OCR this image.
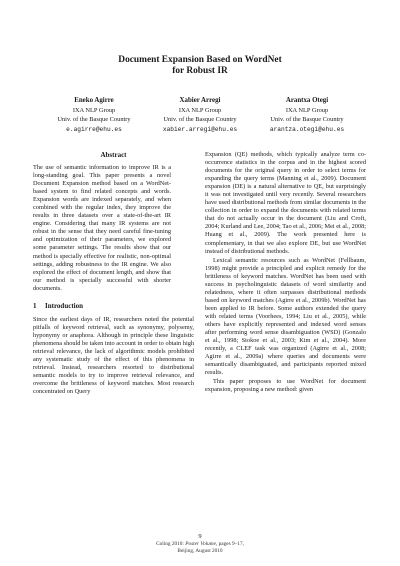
Document Expansion Based on WordNet
for Robust IR
Eneko Agirre
IXA NLP Group
Univ. of the Basque Country
e.agirre@ehu.es
Xabier Arregi
IXA NLP Group
Univ. of the Basque Country
xabier.arregi@ehu.es
Arantxa Otegi
IXA NLP Group
Univ. of the Basque Country
arantza.otegi@ehu.es
Abstract

The use of semantic information to improve IR is a long-standing goal. This paper presents a novel Document Expansion method based on a WordNet-based system to find related concepts and words. Expansion words are indexed separately, and when combined with the regular index, they improve the results in three datasets over a state-of-the-art IR engine. Considering that many IR systems are not robust in the sense that they need careful fine-tuning and optimization of their parameters, we explored some parameter settings. The results show that our method is specially effective for realistic, non-optimal settings, adding robustness to the IR engine. We also explored the effect of document length, and show that our method is specially successful with shorter documents.

1 Introduction

Since the earliest days of IR, researchers noted the potential pitfalls of keyword retrieval, such as synonymy, polysemy, hyponymy or anaphora. Although in principle these linguistic phenomena should be taken into account in order to obtain high retrieval relevance, the lack of algorithmic models prohibited any systematic study of the effect of this phenomena in retrieval. Instead, researchers resorted to distributional semantic models to try to improve retrieval relevance, and overcome the brittleness of keyword matches. Most research concentrated on Query

Expansion (QE) methods, which typically analyze term co-occurrence statistics in the corpus and in the highest scored documents for the original query in order to select terms for expanding the query terms (Manning et al., 2009). Document expansion (DE) is a natural alternative to QE, but surprisingly it was not investigated until very recently. Several researchers have used distributional methods from similar documents in the collection in order to expand the documents with related terms that do not actually occur in the document (Liu and Croft, 2004; Kurland and Lee, 2004; Tao et al., 2006; Mei et al., 2008; Huang et al., 2009). The work presented here is complementary, in that we also explore DE, but use WordNet instead of distributional methods.

Lexical semantic resources such as WordNet (Fellbaum, 1998) might provide a principled and explicit remedy for the brittleness of keyword matches. WordNet has been used with success in psycholinguistic datasets of word similarity and relatedness, where it often surpasses distributional methods based on keyword matches (Agirre et al., 2009b). WordNet has been applied to IR before. Some authors extended the query with related terms (Voorhees, 1994; Liu et al., 2005), while others have explicitly represented and indexed word senses after performing word sense disambiguation (WSD) (Gonzalo et al., 1998; Stokoe et al., 2003; Kim et al., 2004). More recently, a CLEF task was organized (Agirre et al., 2008; Agirre et al., 2009a) where queries and documents were semantically disambiguated, and participants reported mixed results.

This paper proposes to use WordNet for document expansion, proposing a new method: given

9
Coling 2010: Poster Volume, pages 9–17,
Beijing, August 2010
